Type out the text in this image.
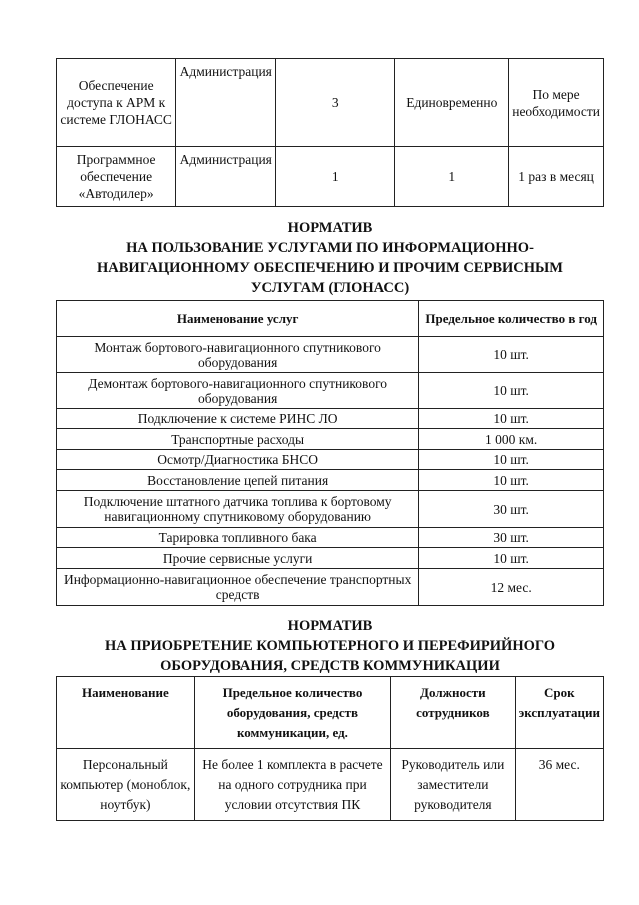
Обеспечение доступа к АРМ к системе ГЛОНАСС	Администрация	3	Единовременно	По мере необходимости
Программное обеспечение «Автодилер»	Администрация	1	1	1 раз в месяц
НОРМАТИВ
НА ПОЛЬЗОВАНИЕ УСЛУГАМИ ПО ИНФОРМАЦИОННО-
НАВИГАЦИОННОМУ ОБЕСПЕЧЕНИЮ И ПРОЧИМ СЕРВИСНЫМ
УСЛУГАМ (ГЛОНАСС)
Наименование услуг	Предельное количество в год
Монтаж бортового-навигационного спутникового оборудования	10 шт.
Демонтаж бортового-навигационного спутникового оборудования	10 шт.
Подключение к системе РИНС ЛО	10 шт.
Транспортные расходы	1 000 км.
Осмотр/Диагностика БНСО	10 шт.
Восстановление цепей питания	10 шт.
Подключение штатного датчика топлива к бортовому навигационному спутниковому оборудованию	30 шт.
Тарировка топливного бака	30 шт.
Прочие сервисные услуги	10 шт.
Информационно-навигационное обеспечение транспортных средств	12 мес.
НОРМАТИВ
НА ПРИОБРЕТЕНИЕ КОМПЬЮТЕРНОГО И ПЕРЕФИРИЙНОГО
ОБОРУДОВАНИЯ, СРЕДСТВ КОММУНИКАЦИИ
Наименование	Предельное количество оборудования, средств коммуникации, ед.	Должности сотрудников	Срок эксплуатации
Персональный компьютер (моноблок, ноутбук)	Не более 1 комплекта в расчете на одного сотрудника при условии отсутствия ПК	Руководитель или заместители руководителя	36 мес.
